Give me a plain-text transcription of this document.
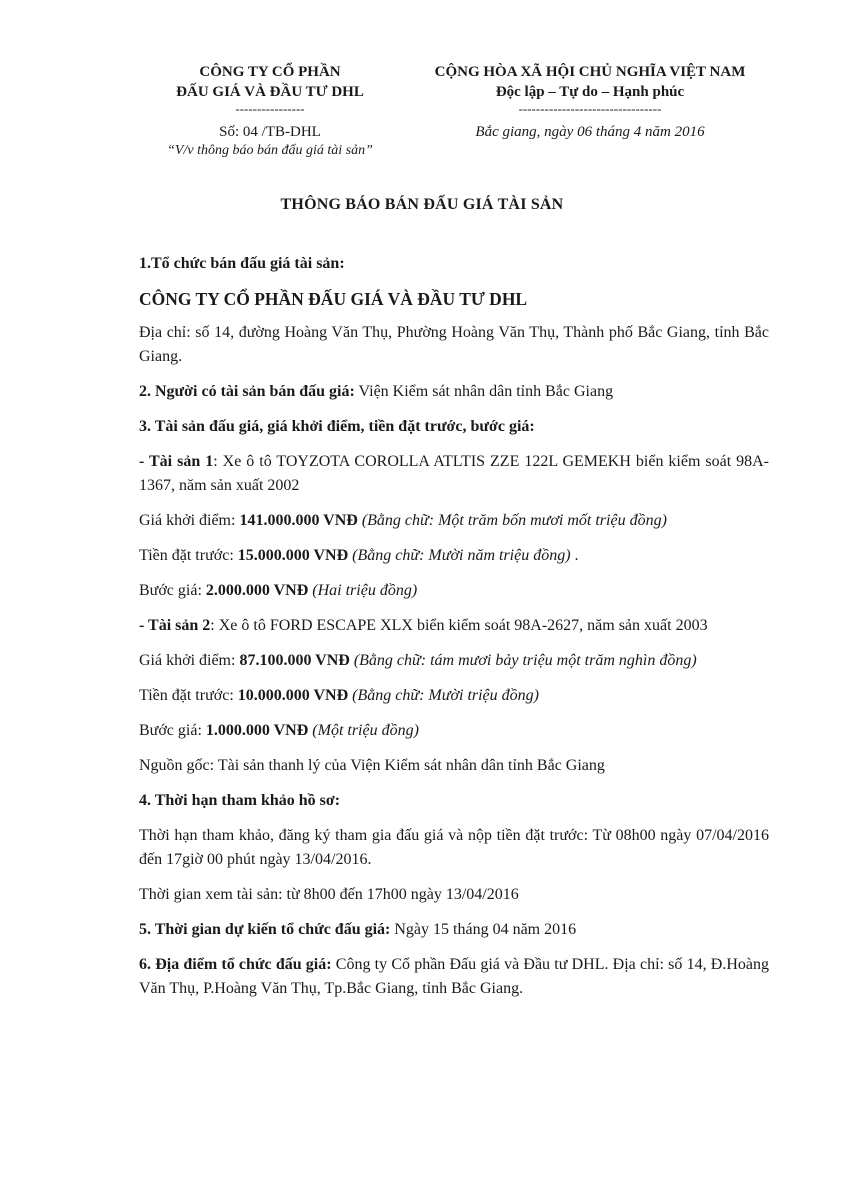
CÔNG TY CỔ PHẦN
ĐẤU GIÁ VÀ ĐẦU TƯ DHL
----------------
Số: 04 /TB-DHL
“V/v thông báo bán đấu giá tài sản”
CỘNG HÒA XÃ HỘI CHỦ NGHĨA VIỆT NAM
Độc lập – Tự do – Hạnh phúc
---------------------------------
Bắc giang, ngày 06 tháng 4 năm 2016
THÔNG BÁO BÁN ĐẤU GIÁ TÀI SẢN

1.Tổ chức bán đấu giá tài sản:

CÔNG TY CỔ PHẦN ĐẤU GIÁ VÀ ĐẦU TƯ DHL

Địa chỉ: số 14, đường Hoàng Văn Thụ, Phường Hoàng Văn Thụ, Thành phố Bắc Giang, tỉnh Bắc Giang.

2. Người có tài sản bán đấu giá: Viện Kiểm sát nhân dân tỉnh Bắc Giang

3. Tài sản đấu giá, giá khởi điểm, tiền đặt trước, bước giá:

- Tài sản 1: Xe ô tô TOYZOTA COROLLA ATLTIS ZZE 122L GEMEKH biển kiểm soát 98A-1367, năm sản xuất 2002

Giá khởi điểm: 141.000.000 VNĐ (Bằng chữ: Một trăm bốn mươi mốt triệu đồng)

Tiền đặt trước: 15.000.000 VNĐ (Bằng chữ: Mười năm triệu đồng) .

Bước giá: 2.000.000 VNĐ (Hai triệu đồng)

- Tài sản 2: Xe ô tô FORD ESCAPE XLX biển kiểm soát 98A-2627, năm sản xuất 2003

Giá khởi điểm: 87.100.000 VNĐ (Bằng chữ: tám mươi bảy triệu một trăm nghìn đồng)

Tiền đặt trước: 10.000.000 VNĐ (Bằng chữ: Mười triệu đồng)

Bước giá: 1.000.000 VNĐ (Một triệu đồng)

Nguồn gốc: Tài sản thanh lý của Viện Kiểm sát nhân dân tỉnh Bắc Giang

4. Thời hạn tham khảo hồ sơ:

Thời hạn tham khảo, đăng ký tham gia đấu giá và nộp tiền đặt trước: Từ 08h00 ngày 07/04/2016 đến 17giờ 00 phút ngày 13/04/2016.

Thời gian xem tài sản: từ 8h00 đến 17h00 ngày 13/04/2016

5. Thời gian dự kiến tổ chức đấu giá: Ngày 15 tháng 04 năm 2016

6. Địa điểm tổ chức đấu giá: Công ty Cổ phần Đấu giá và Đầu tư DHL. Địa chỉ: số 14, Đ.Hoàng Văn Thụ, P.Hoàng Văn Thụ, Tp.Bắc Giang, tỉnh Bắc Giang.
